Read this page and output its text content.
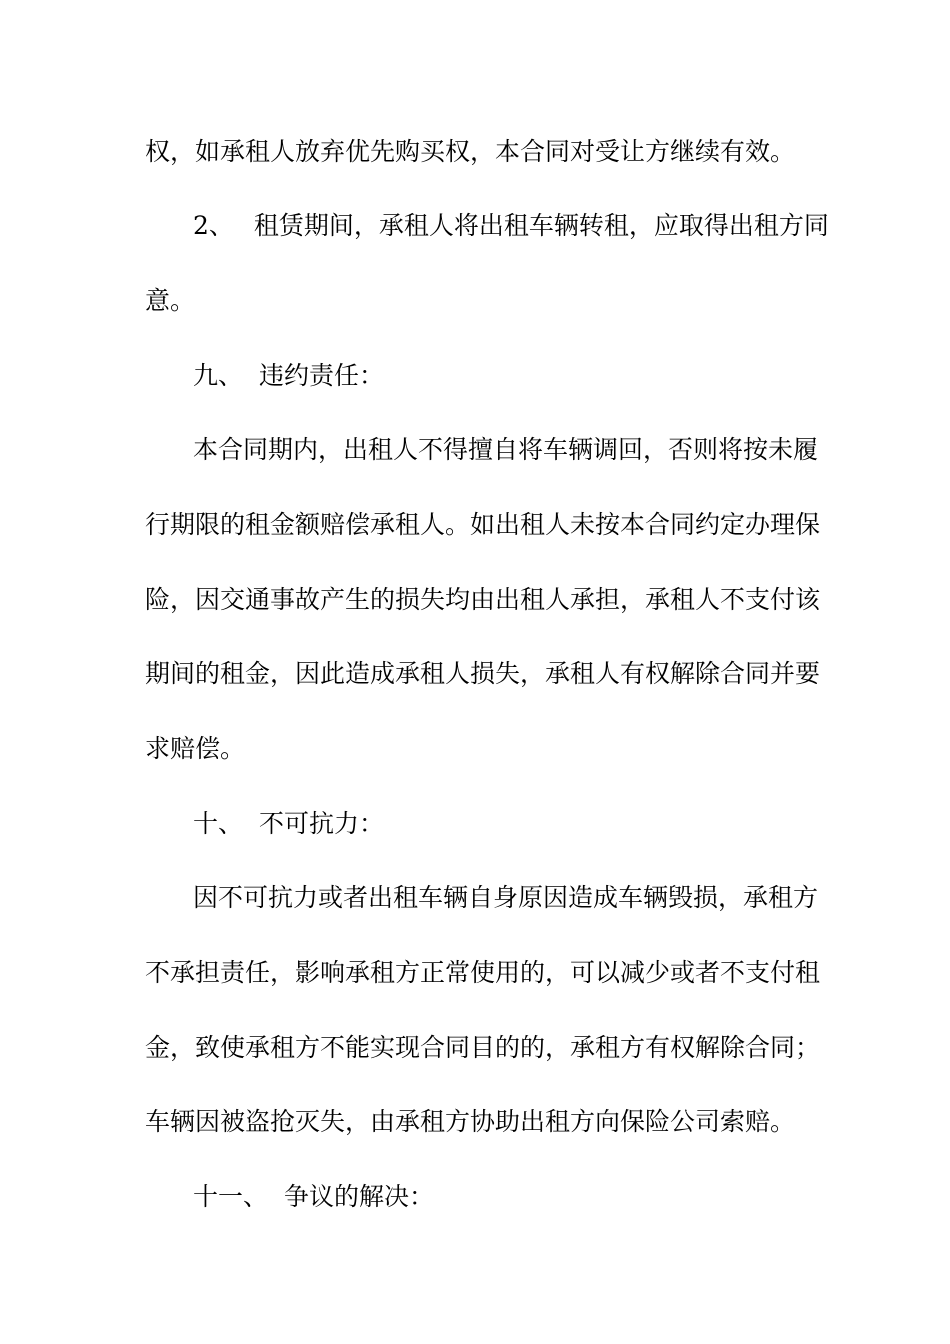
权，如承租人放弃优先购买权，本合同对受让方继续有效。
2、 租赁期间，承租人将出租车辆转租，应取得出租方同
意。
九、 违约责任：
本合同期内，出租人不得擅自将车辆调回，否则将按未履
行期限的租金额赔偿承租人。如出租人未按本合同约定办理保
险，因交通事故产生的损失均由出租人承担，承租人不支付该
期间的租金，因此造成承租人损失，承租人有权解除合同并要
求赔偿。
十、 不可抗力：
因不可抗力或者出租车辆自身原因造成车辆毁损，承租方
不承担责任，影响承租方正常使用的，可以减少或者不支付租
金，致使承租方不能实现合同目的的，承租方有权解除合同；
车辆因被盗抢灭失，由承租方协助出租方向保险公司索赔。
十一、 争议的解决：
